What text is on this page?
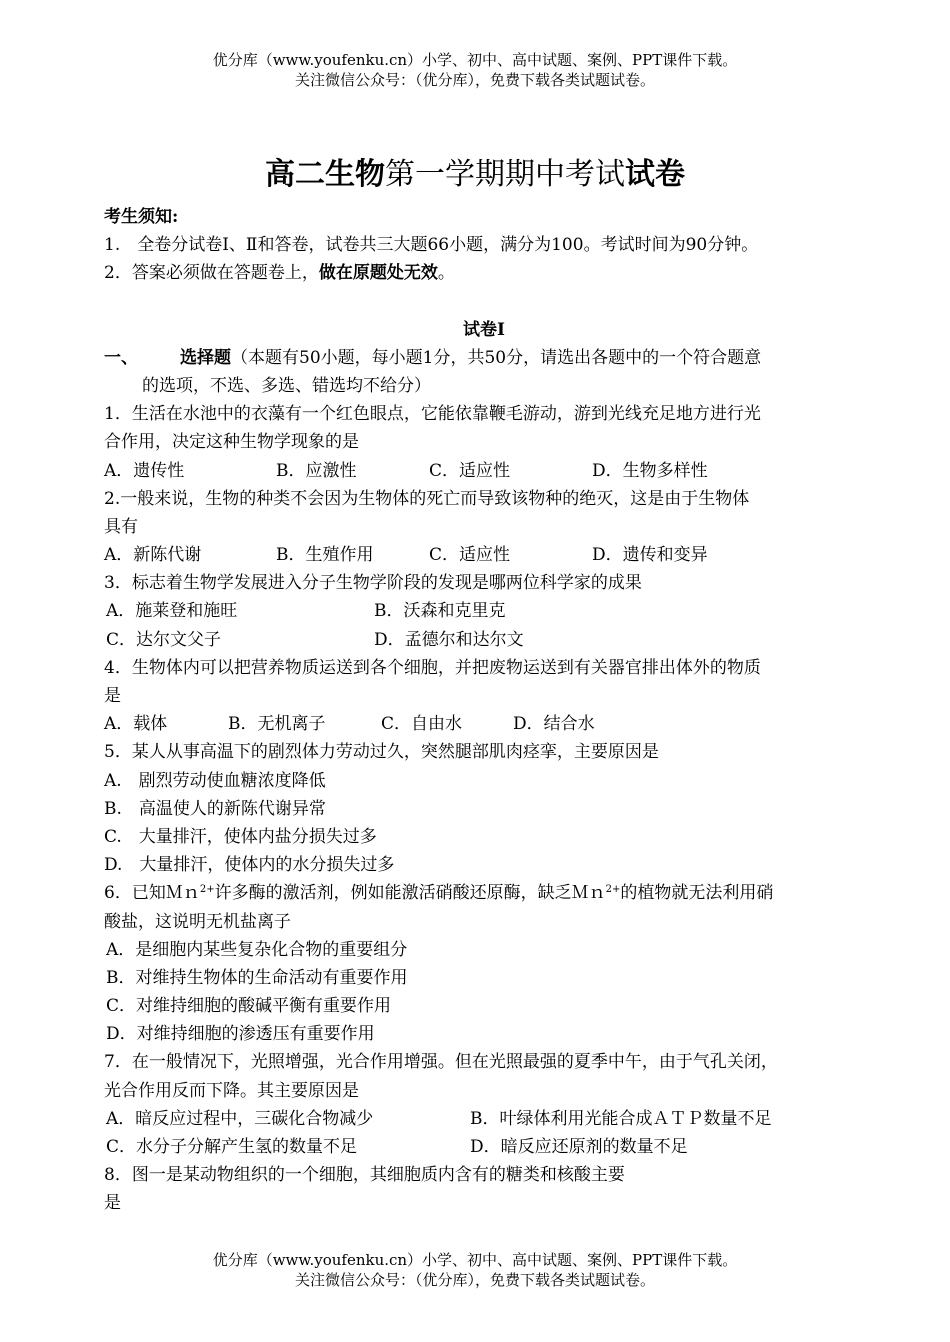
优分库（www.youfenku.cn）小学、初中、高中试题、案例、PPT课件下载。
关注微信公众号：（优分库），免费下载各类试题试卷。
高二生物第一学期期中考试试卷
考生须知:
1.　全卷分试卷Ⅰ、Ⅱ和答卷，试卷共三大题66小题，满分为100。考试时间为90分钟。
2．答案必须做在答题卷上，做在原题处无效。
试卷Ⅰ
一、 选择题（本题有50小题，每小题1分，共50分，请选出各题中的一个符合题意
的选项，不选、多选、错选均不给分）
1．生活在水池中的衣藻有一个红色眼点，它能依靠鞭毛游动，游到光线充足地方进行光
合作用，决定这种生物学现象的是
A．遗传性	B．应激性	C．适应性	D．生物多样性
2.一般来说，生物的种类不会因为生物体的死亡而导致该物种的绝灭，这是由于生物体
具有
A．新陈代谢	B．生殖作用	C．适应性	D．遗传和变异
3．标志着生物学发展进入分子生物学阶段的发现是哪两位科学家的成果
A．施莱登和施旺	B．沃森和克里克
C．达尔文父子	D．孟德尔和达尔文
4．生物体内可以把营养物质运送到各个细胞，并把废物运送到有关器官排出体外的物质
是
A．载体	B．无机离子	C．自由水	D．结合水
5．某人从事高温下的剧烈体力劳动过久，突然腿部肌肉痉挛，主要原因是
A.　剧烈劳动使血糖浓度降低
B.　高温使人的新陈代谢异常
C.　大量排汗，使体内盐分损失过多
D.　大量排汗，使体内的水分损失过多
6．已知Ｍｎ$^{2+}$许多酶的激活剂，例如能激活硝酸还原酶，缺乏Ｍｎ$^{2+}$的植物就无法利用硝
酸盐，这说明无机盐离子
A．是细胞内某些复杂化合物的重要组分
B．对维持生物体的生命活动有重要作用
C．对维持细胞的酸碱平衡有重要作用
D．对维持细胞的渗透压有重要作用
7．在一般情况下，光照增强，光合作用增强。但在光照最强的夏季中午，由于气孔关闭，
光合作用反而下降。其主要原因是
A．暗反应过程中，三碳化合物减少	B．叶绿体利用光能合成ＡＴＰ数量不足
C．水分子分解产生氢的数量不足	D．暗反应还原剂的数量不足
8．图一是某动物组织的一个细胞，其细胞质内含有的糖类和核酸主要
是
优分库（www.youfenku.cn）小学、初中、高中试题、案例、PPT课件下载。
关注微信公众号：（优分库），免费下载各类试题试卷。
